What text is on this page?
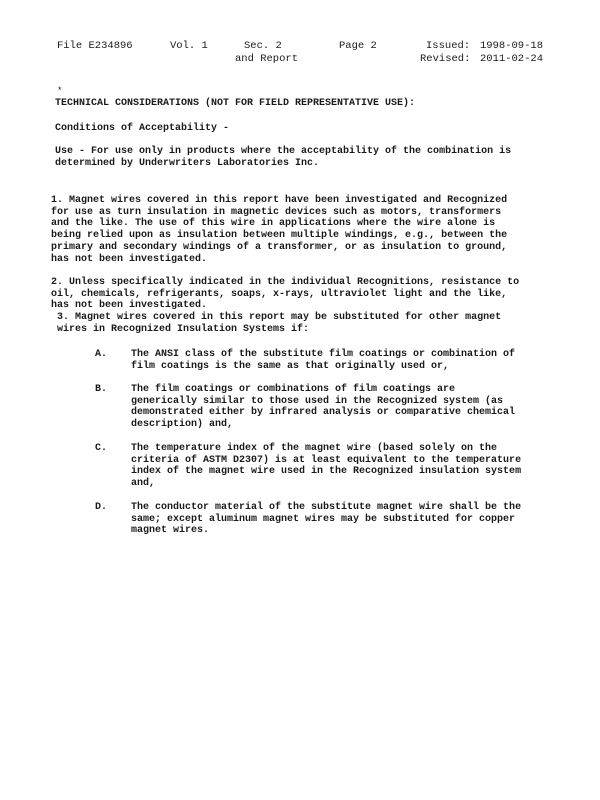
File E234896	Vol. 1	Sec. 2
and Report
Page 2	Issued: 1998-09-18
Revised: 2011-02-24
*
TECHNICAL CONSIDERATIONS (NOT FOR FIELD REPRESENTATIVE USE):
Conditions of Acceptability -
Use - For use only in products where the acceptability of the combination is
determined by Underwriters Laboratories Inc.
1. Magnet wires covered in this report have been investigated and Recognized
for use as turn insulation in magnetic devices such as motors, transformers
and the like. The use of this wire in applications where the wire alone is
being relied upon as insulation between multiple windings, e.g., between the
primary and secondary windings of a transformer, or as insulation to ground,
has not been investigated.
2. Unless specifically indicated in the individual Recognitions, resistance to
oil, chemicals, refrigerants, soaps, x-rays, ultraviolet light and the like,
has not been investigated.
3. Magnet wires covered in this report may be substituted for other magnet
wires in Recognized Insulation Systems if:
A. The ANSI class of the substitute film coatings or combination of
film coatings is the same as that originally used or,
B. The film coatings or combinations of film coatings are
generically similar to those used in the Recognized system (as
demonstrated either by infrared analysis or comparative chemical
description) and,
C. The temperature index of the magnet wire (based solely on the
criteria of ASTM D2307) is at least equivalent to the temperature
index of the magnet wire used in the Recognized insulation system
and,
D. The conductor material of the substitute magnet wire shall be the
same; except aluminum magnet wires may be substituted for copper
magnet wires.
